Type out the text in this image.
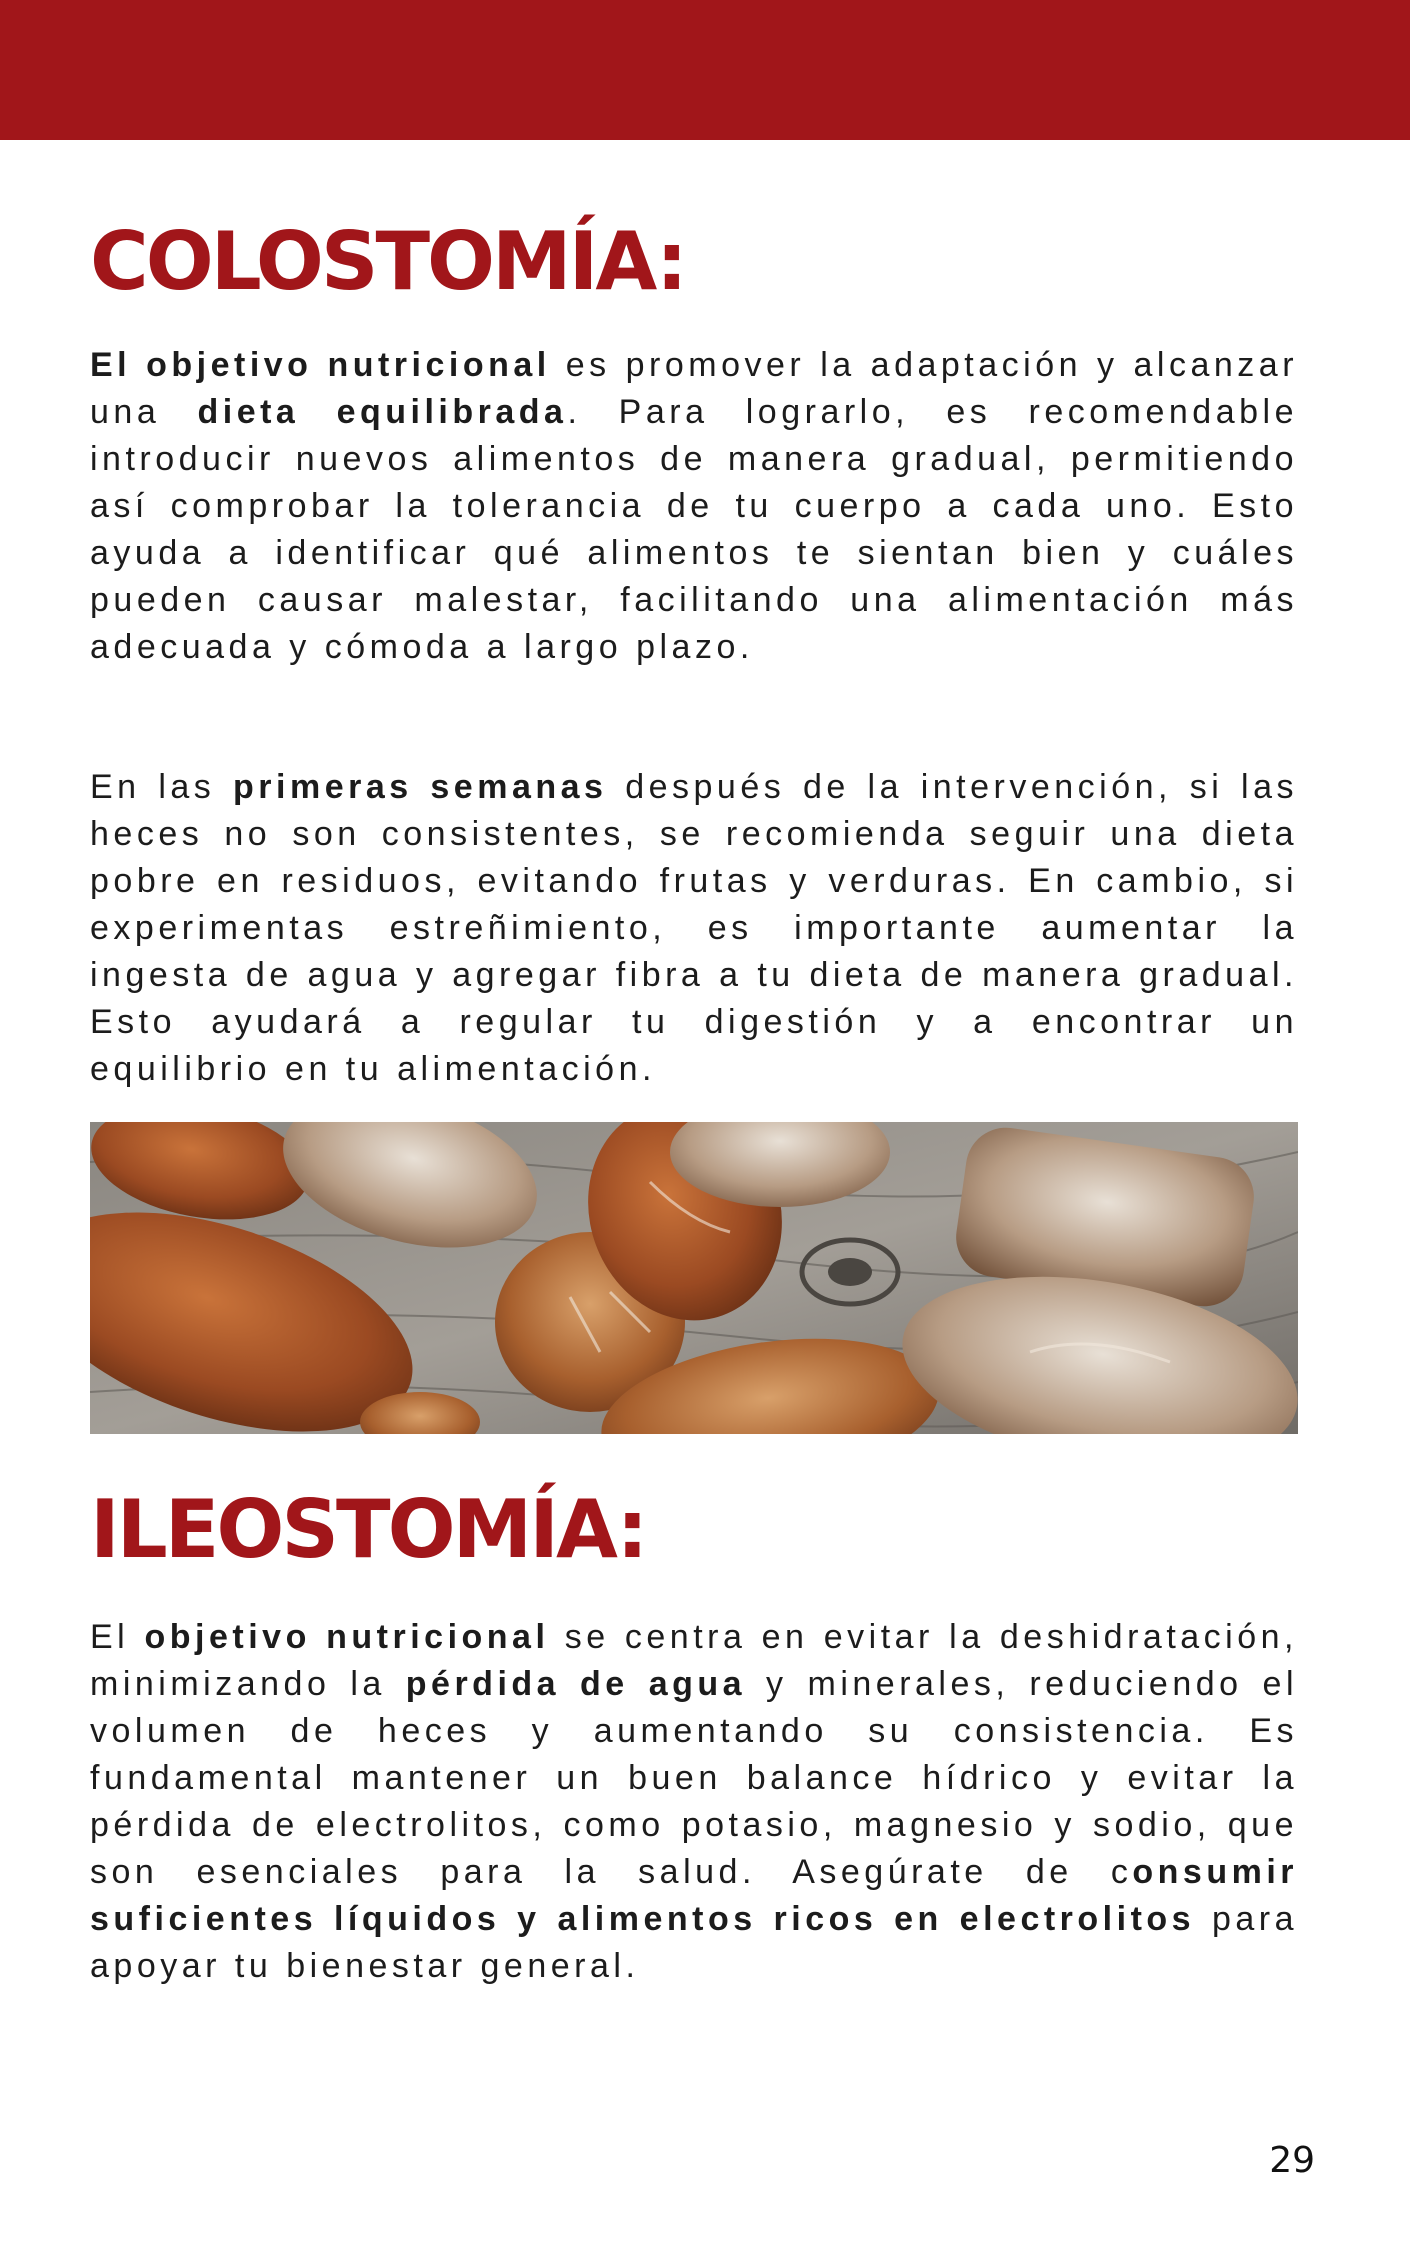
COLOSTOMÍA:

El objetivo nutricional es promover la adaptación y alcanzar una dieta equilibrada. Para lograrlo, es recomendable introducir nuevos alimentos de manera gradual, permitiendo así comprobar la tolerancia de tu cuerpo a cada uno. Esto ayuda a identificar qué alimentos te sientan bien y cuáles pueden causar malestar, facilitando una alimentación más adecuada y cómoda a largo plazo.

En las primeras semanas después de la intervención, si las heces no son consistentes, se recomienda seguir una dieta pobre en residuos, evitando frutas y verduras. En cambio, si experimentas estreñimiento, es importante aumentar la ingesta de agua y agregar fibra a tu dieta de manera gradual. Esto ayudará a regular tu digestión y a encontrar un equilibrio en tu alimentación.

ILEOSTOMÍA:

El objetivo nutricional se centra en evitar la deshidratación, minimizando la pérdida de agua y minerales, reduciendo el volumen de heces y aumentando su consistencia. Es fundamental mantener un buen balance hídrico y evitar la pérdida de electrolitos, como potasio, magnesio y sodio, que son esenciales para la salud. Asegúrate de consumir suficientes líquidos y alimentos ricos en electrolitos para apoyar tu bienestar general.

29
